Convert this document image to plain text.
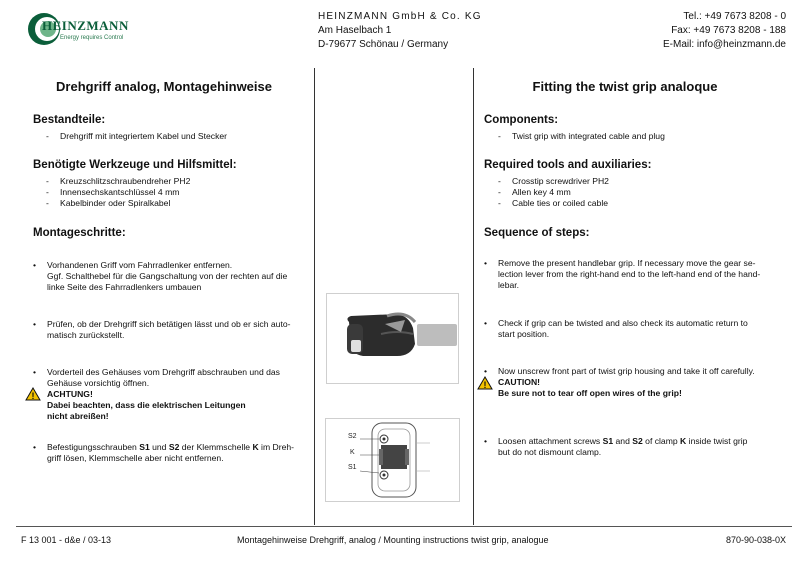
HEINZMANN
Energy requires Control
HEINZMANN GmbH & Co. KG
Am Haselbach 1
D-79677 Schönau / Germany
Tel.: +49 7673 8208 - 0
Fax: +49 7673 8208 - 188
E-Mail: info@heinzmann.de
Drehgriff analog, Montagehinweise
Bestandteile:
- Drehgriff mit integriertem Kabel und Stecker
Benötigte Werkzeuge und Hilfsmittel:
- Kreuzschlitzschraubendreher PH2
- Innensechskantschlüssel 4 mm
- Kabelbinder oder Spiralkabel
Montageschritte:
• Vorhandenen Griff vom Fahrradlenker entfernen.
Ggf. Schalthebel für die Gangschaltung von der rechten auf die
linke Seite des Fahrradlenkers umbauen
• Prüfen, ob der Drehgriff sich betätigen lässt und ob er sich auto-
matisch zurückstellt.
• Vorderteil des Gehäuses vom Drehgriff abschrauben und das
Gehäuse vorsichtig öffnen.
! ACHTUNG!
Dabei beachten, dass die elektrischen Leitungen
nicht abreißen!
• Befestigungsschrauben S1 und S2 der Klemmschelle K im Dreh-
griff lösen, Klemmschelle aber nicht entfernen.
S2
K
S1
Fitting the twist grip analoque
Components:
- Twist grip with integrated cable and plug
Required tools and auxiliaries:
- Crosstip screwdriver PH2
- Allen key 4 mm
- Cable ties or coiled cable
Sequence of steps:
• Remove the present handlebar grip. If necessary move the gear se-
lection lever from the right-hand end to the left-hand end of the hand-
lebar.
• Check if grip can be twisted and also check its automatic return to
start position.
• Now unscrew front part of twist grip housing and take it off carefully.
! CAUTION!
Be sure not to tear off open wires of the grip!
• Loosen attachment screws S1 and S2 of clamp K inside twist grip
but do not dismount clamp.
F 13 001 - d&e / 03-13	Montagehinweise Drehgriff, analog / Mounting instructions twist grip, analogue	870-90-038-0X
